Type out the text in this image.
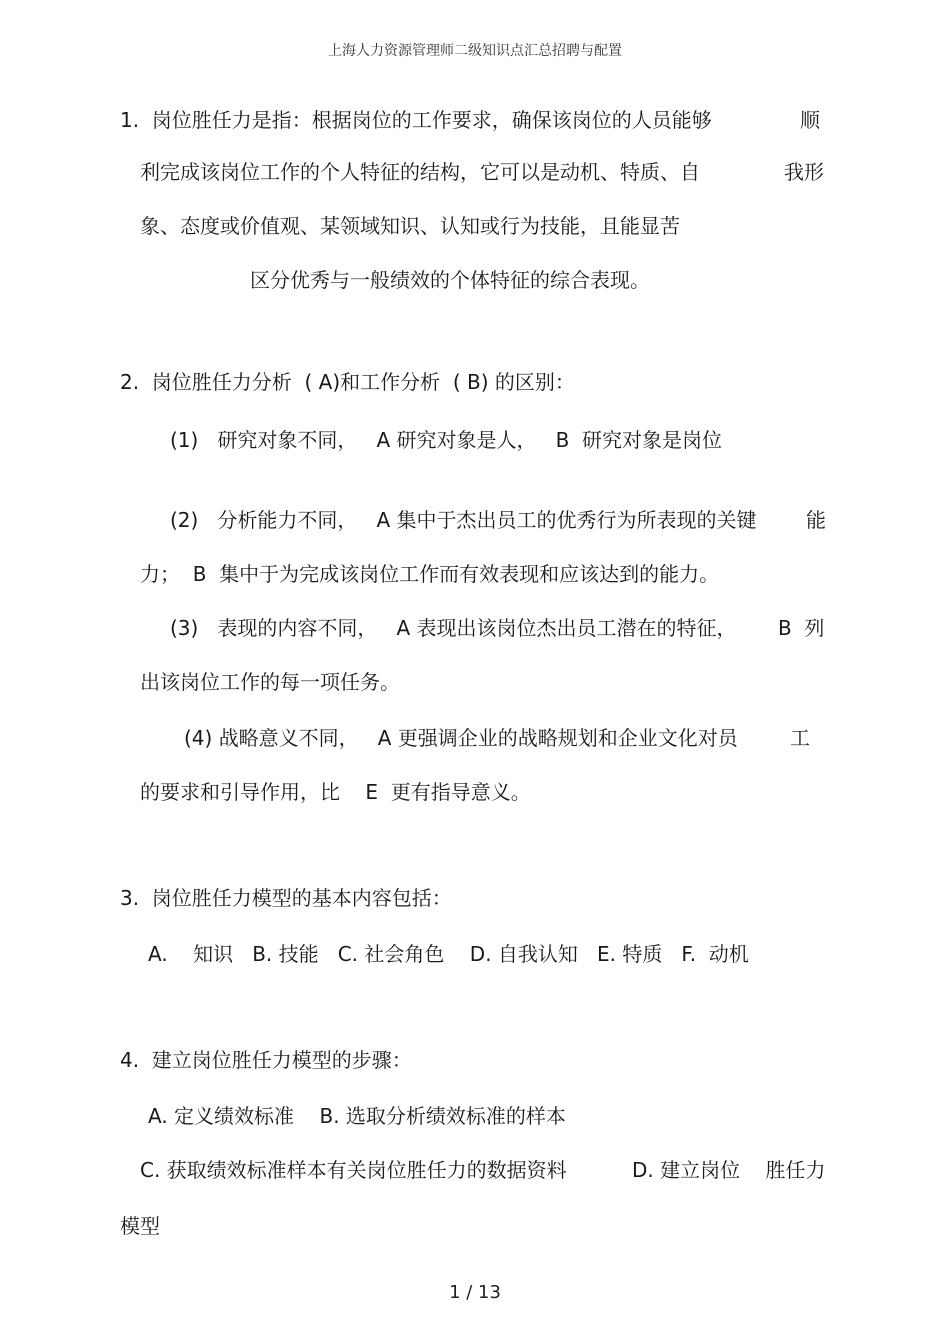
上海人力资源管理师二级知识点汇总招聘与配置
1.  岗位胜任力是指：根据岗位的工作要求，确保该岗位的人员能够	顺
利完成该岗位工作的个人特征的结构，它可以是动机、特质、自	我形
象、态度或价值观、某领域知识、认知或行为技能，且能显苦
区分优秀与一般绩效的个体特征的综合表现。
2.  岗位胜任力分析  ( A)和工作分析  ( B) 的区别：
(1)   研究对象不同，   A 研究对象是人，   B  研究对象是岗位
(2)   分析能力不同，   A 集中于杰出员工的优秀行为所表现的关键 能
力；  B  集中于为完成该岗位工作而有效表现和应该达到的能力。
(3)   表现的内容不同，   A 表现出该岗位杰出员工潜在的特征， B  列
出该岗位工作的每一项任务。
(4) 战略意义不同，   A 更强调企业的战略规划和企业文化对员	工
的要求和引导作用，比    E  更有指导意义。
3.  岗位胜任力模型的基本内容包括：
A.    知识   B. 技能   C. 社会角色    D. 自我认知   E. 特质   F.  动机
4.  建立岗位胜任力模型的步骤：
A. 定义绩效标准    B. 选取分析绩效标准的样本
C. 获取绩效标准样本有关岗位胜任力的数据资料	D. 建立岗位    胜任力
模型
1 / 13
